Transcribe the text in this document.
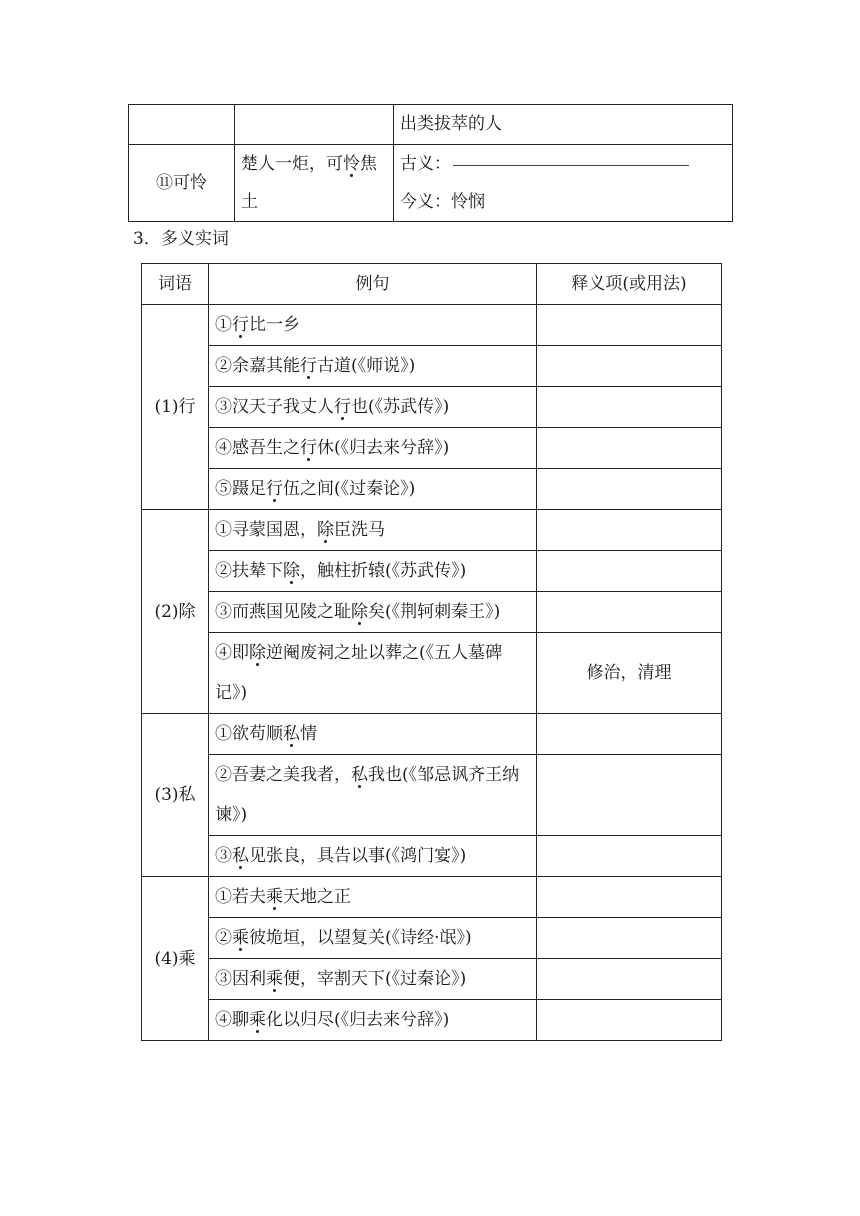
		出类拔萃的人
⑪可怜	楚人一炬，可怜焦土	古义：
今义：怜悯
3．多义实词
词语	例句	释义项(或用法)
(1)行	①行比一乡	
	②余嘉其能行古道(《师说》)	
	③汉天子我丈人行也(《苏武传》)	
	④感吾生之行休(《归去来兮辞》)	
	⑤蹑足行伍之间(《过秦论》)	
(2)除	①寻蒙国恩，除臣洗马	
	②扶辇下除，触柱折辕(《苏武传》)	
	③而燕国见陵之耻除矣(《荆轲刺秦王》)	
	④即除逆阉废祠之址以葬之(《五人墓碑记》)	修治，清理
(3)私	①欲苟顺私情	
	②吾妻之美我者，私我也(《邹忌讽齐王纳谏》)	
	③私见张良，具告以事(《鸿门宴》)	
(4)乘	①若夫乘天地之正	
	②乘彼垝垣，以望复关(《诗经·氓》)	
	③因利乘便，宰割天下(《过秦论》)	
	④聊乘化以归尽(《归去来兮辞》)	
